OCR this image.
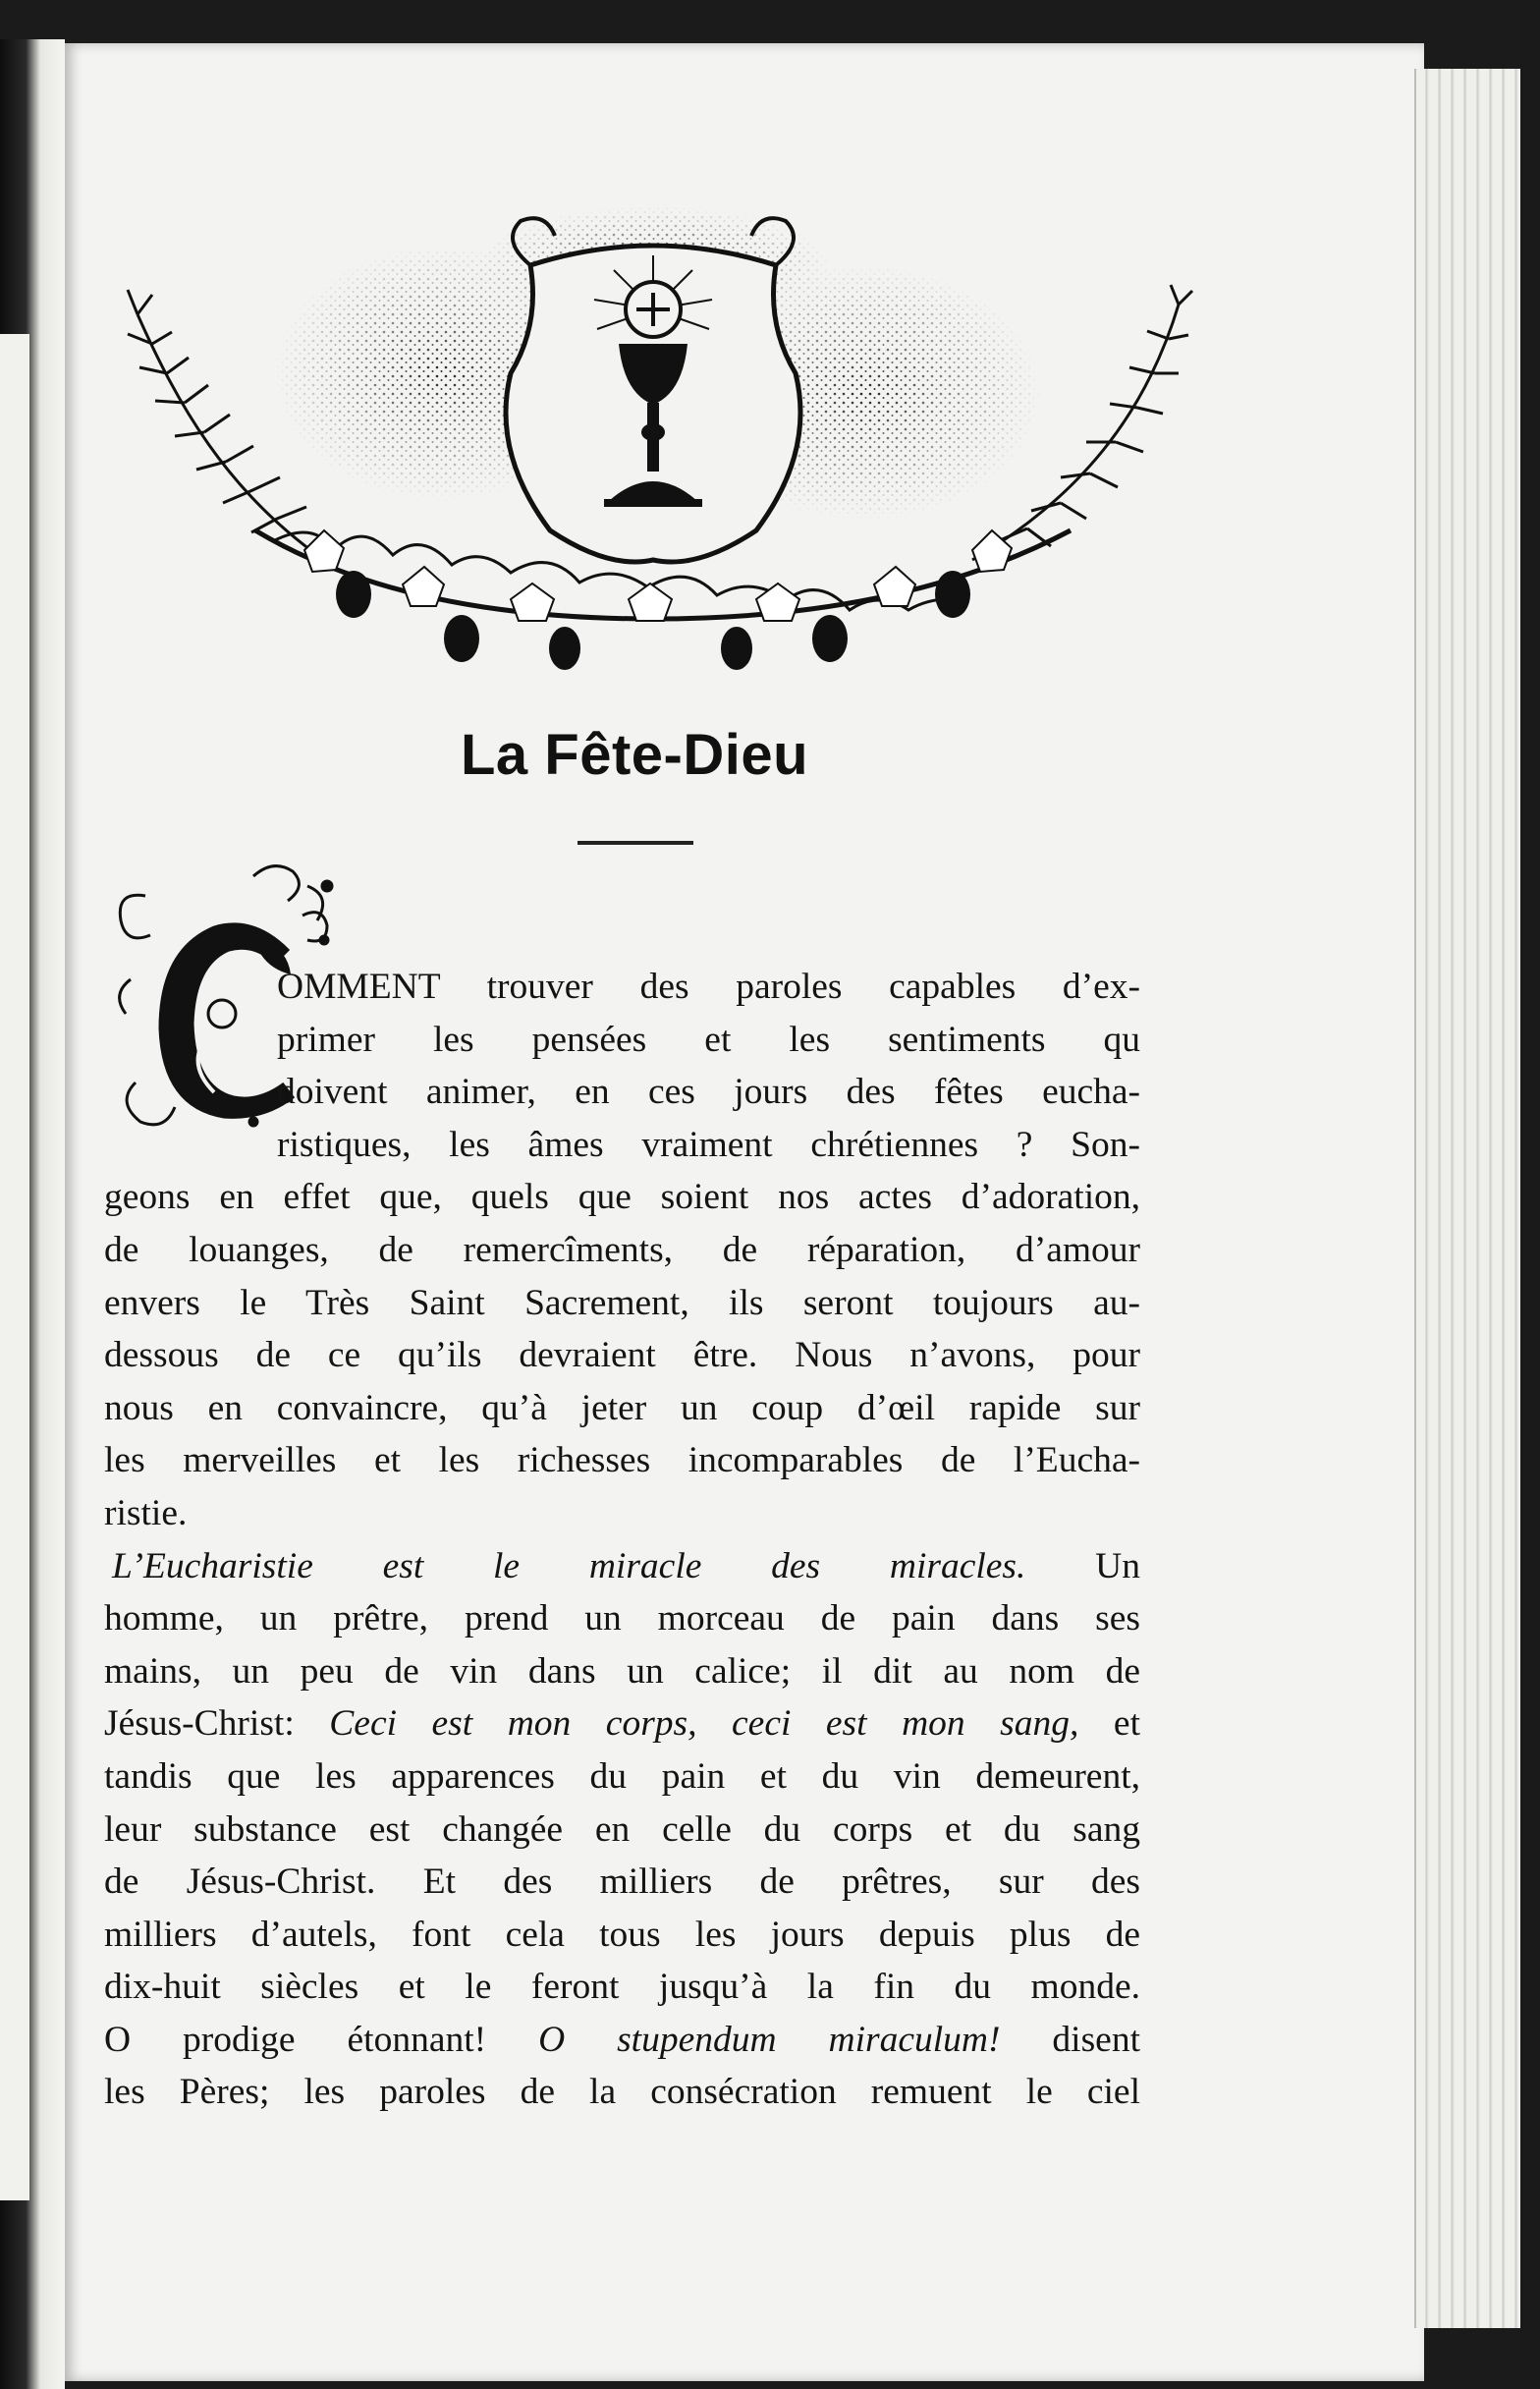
La Fête-Dieu
OMMENT trouver des paroles capables d’ex-
primer les pensées et les sentiments qu
doivent animer, en ces jours des fêtes eucha-
ristiques, les âmes vraiment chrétiennes ? Son-
geons en effet que, quels que soient nos actes d’adoration,
de louanges, de remercîments, de réparation, d’amour
envers le Très Saint Sacrement, ils seront toujours au-
dessous de ce qu’ils devraient être. Nous n’avons, pour
nous en convaincre, qu’à jeter un coup d’œil rapide sur
les merveilles et les richesses incomparables de l’Eucha-
ristie.
L’Eucharistie est le miracle des miracles. Un
homme, un prêtre, prend un morceau de pain dans ses
mains, un peu de vin dans un calice; il dit au nom de
Jésus-Christ: Ceci est mon corps, ceci est mon sang, et
tandis que les apparences du pain et du vin demeurent,
leur substance est changée en celle du corps et du sang
de Jésus-Christ. Et des milliers de prêtres, sur des
milliers d’autels, font cela tous les jours depuis plus de
dix-huit siècles et le feront jusqu’à la fin du monde.
O prodige étonnant! O stupendum miraculum! disent
les Pères; les paroles de la consécration remuent le ciel
